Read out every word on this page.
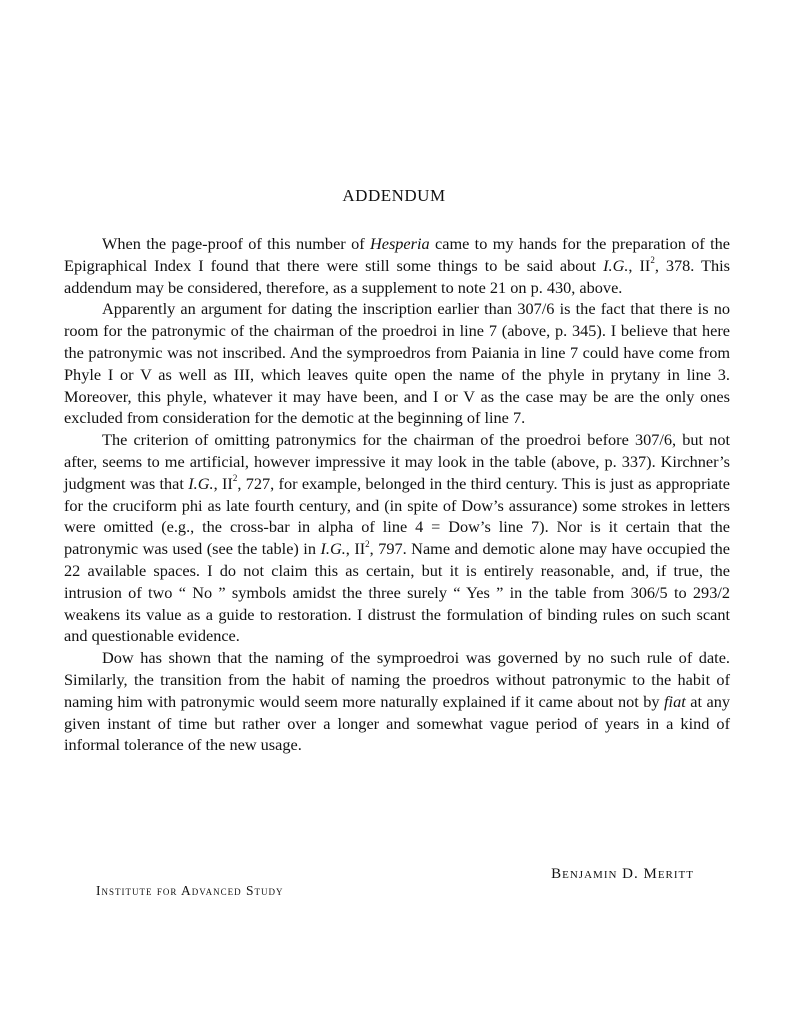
ADDENDUM

When the page-proof of this number of Hesperia came to my hands for the preparation of the Epigraphical Index I found that there were still some things to be said about I.G., $II^2$, 378. This addendum may be considered, therefore, as a supplement to note 21 on p. 430, above.

Apparently an argument for dating the inscription earlier than 307/6 is the fact that there is no room for the patronymic of the chairman of the proedroi in line 7 (above, p. 345). I believe that here the patronymic was not inscribed. And the symproedros from Paiania in line 7 could have come from Phyle I or V as well as III, which leaves quite open the name of the phyle in prytany in line 3. Moreover, this phyle, whatever it may have been, and I or V as the case may be are the only ones excluded from consideration for the demotic at the beginning of line 7.

The criterion of omitting patronymics for the chairman of the proedroi before 307/6, but not after, seems to me artificial, however impressive it may look in the table (above, p. 337). Kirchner’s judgment was that I.G., $II^2$, 727, for example, belonged in the third century. This is just as appropriate for the cruciform phi as late fourth century, and (in spite of Dow’s assurance) some strokes in letters were omitted (e.g., the cross-bar in alpha of line 4 = Dow’s line 7). Nor is it certain that the patronymic was used (see the table) in I.G., $II^2$, 797. Name and demotic alone may have occupied the 22 available spaces. I do not claim this as certain, but it is entirely reasonable, and, if true, the intrusion of two “ No ” symbols amidst the three surely “ Yes ” in the table from 306/5 to 293/2 weakens its value as a guide to restoration. I distrust the formulation of binding rules on such scant and questionable evidence.

Dow has shown that the naming of the symproedroi was governed by no such rule of date. Similarly, the transition from the habit of naming the proedros without patronymic to the habit of naming him with patronymic would seem more naturally explained if it came about not by fiat at any given instant of time but rather over a longer and somewhat vague period of years in a kind of informal tolerance of the new usage.

Benjamin D. Meritt
Institute for Advanced Study
